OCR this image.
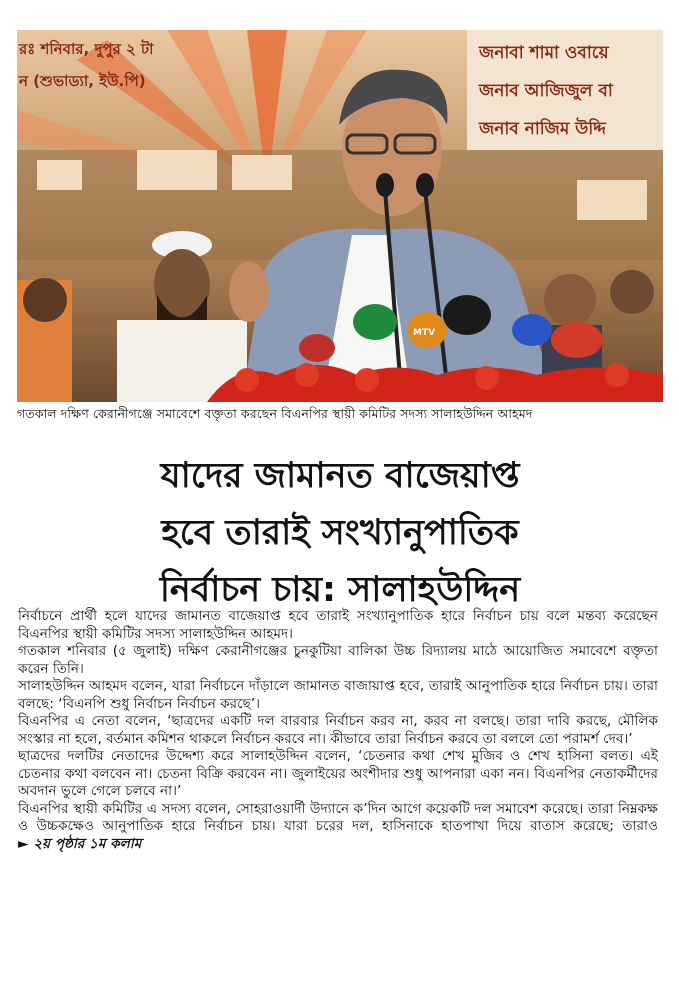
MTV
রঃ শনিবার, দুপুর ২ টা
ন (শুভাড্যা, ইউ.পি)
জনাবা শামা ওবায়ে
জনাব আজিজুল বা
জনাব নাজিম উদ্দি
গতকাল দক্ষিণ কেরানীগঞ্জে সমাবেশে বক্তৃতা করছেন বিএনপির স্থায়ী কমিটির সদস্য সালাহউদ্দিন আহমদ
যাদের জামানত বাজেয়াপ্ত
হবে তারাই সংখ্যানুপাতিক
নির্বাচন চায়: সালাহউদ্দিন

নির্বাচনে প্রার্থী হলে যাদের জামানত বাজেয়াপ্ত হবে তারাই সংখ্যানুপাতিক হারে নির্বাচন চায় বলে মন্তব্য করেছেন বিএনপির স্থায়ী কমিটির সদস্য সালাহউদ্দিন আহমদ।

গতকাল শনিবার (৫ জুলাই) দক্ষিণ কেরানীগঞ্জের চুনকুটিয়া বালিকা উচ্চ বিদ্যালয় মাঠে আয়োজিত সমাবেশে বক্তৃতা করেন তিনি।

সালাহউদ্দিন আহমদ বলেন, যারা নির্বাচনে দাঁড়ালে জামানত বাজায়াপ্ত হবে, তারাই আনুপাতিক হারে নির্বাচন চায়। তারা বলছে: ‘বিএনপি শুধু নির্বাচন নির্বাচন করছে’।

বিএনপির এ নেতা বলেন, ‘ছাত্রদের একটি দল বারবার নির্বাচন করব না, করব না বলছে। তারা দাবি করছে, মৌলিক সংস্কার না হলে, বর্তমান কমিশন থাকলে নির্বাচন করবে না। কীভাবে তারা নির্বাচন করবে তা বললে তো পরামর্শ দেব।’

ছাত্রদের দলটির নেতাদের উদ্দেশ্য করে সালাহউদ্দিন বলেন, ‘চেতনার কথা শেখ মুজিব ও শেখ হাসিনা বলত। এই চেতনার কথা বলবেন না। চেতনা বিক্রি করবেন না। জুলাইয়ের অংশীদার শুধু আপনারা একা নন। বিএনপির নেতাকর্মীদের অবদান ভুলে গেলে চলবে না।’

বিএনপির স্থায়ী কমিটির এ সদস্য বলেন, সোহরাওয়ার্দী উদ্যানে ক’দিন আগে কয়েকটি দল সমাবেশ করেছে। তারা নিম্নকক্ষ ও উচ্চকক্ষেও আনুপাতিক হারে নির্বাচন চায়। যারা চরের দল, হাসিনাকে হাতপাখা দিয়ে বাতাস করেছে; তারাও ► ২য় পৃষ্ঠার ১ম কলাম
